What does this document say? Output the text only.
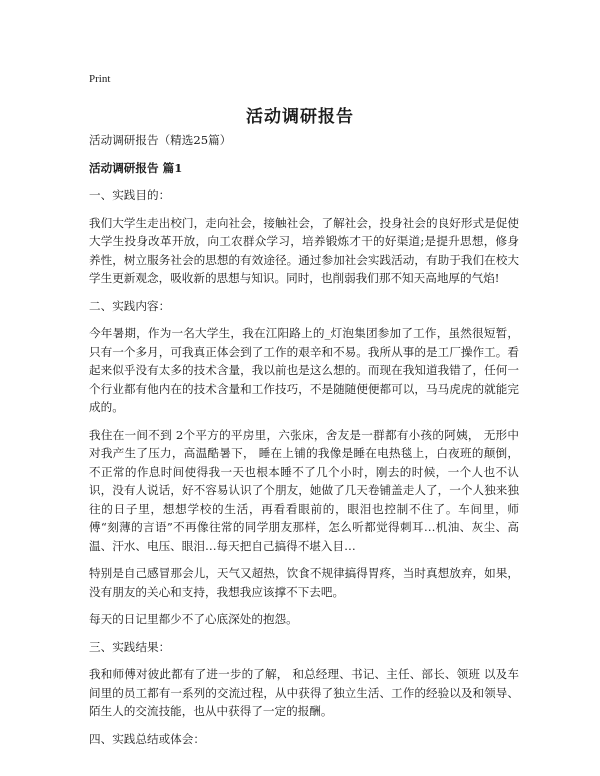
Print
活动调研报告

活动调研报告（精选25篇）

活动调研报告 篇1

一、实践目的：

我们大学生走出校门，走向社会，接触社会，了解社会，投身社会的良好形式是促使大学生投身改革开放，向工农群众学习，培养锻炼才干的好渠道;是提升思想，修身养性，树立服务社会的思想的有效途径。通过参加社会实践活动，有助于我们在校大学生更新观念，吸收新的思想与知识。同时，也削弱我们那不知天高地厚的气焰!

二、实践内容：

今年暑期，作为一名大学生，我在江阳路上的_灯泡集团参加了工作，虽然很短暂，只有一个多月，可我真正体会到了工作的艰辛和不易。我所从事的是工厂操作工。看起来似乎没有太多的技术含量，我以前也是这么想的。而现在我知道我错了，任何一个行业都有他内在的技术含量和工作技巧，不是随随便便都可以，马马虎虎的就能完成的。

我住在一间不到 2个平方的平房里，六张床，舍友是一群都有小孩的阿姨， 无形中对我产生了压力，高温酷暑下， 睡在上铺的我像是睡在电热毯上，白夜班的颠倒，不正常的作息时间使得我一天也根本睡不了几个小时，刚去的时候，一个人也不认识，没有人说话，好不容易认识了个朋友，她做了几天卷铺盖走人了，一个人独来独往的日子里，想想学校的生活，再看看眼前的，眼泪也控制不住了。车间里，师傅“刻薄的言语”不再像往常的同学朋友那样，怎么听都觉得刺耳…机油、灰尘、高温、汗水、电压、眼泪…每天把自己搞得不堪入目…

特别是自己感冒那会儿，天气又超热，饮食不规律搞得胃疼，当时真想放弃，如果，没有朋友的关心和支持，我想我应该撑不下去吧。

每天的日记里都少不了心底深处的抱怨。

三、实践结果：

我和师傅对彼此都有了进一步的了解， 和总经理、书记、主任、部长、领班 以及车间里的员工都有一系列的交流过程，从中获得了独立生活、工作的经验以及和领导、陌生人的交流技能，也从中获得了一定的报酬。

四、实践总结或体会：
